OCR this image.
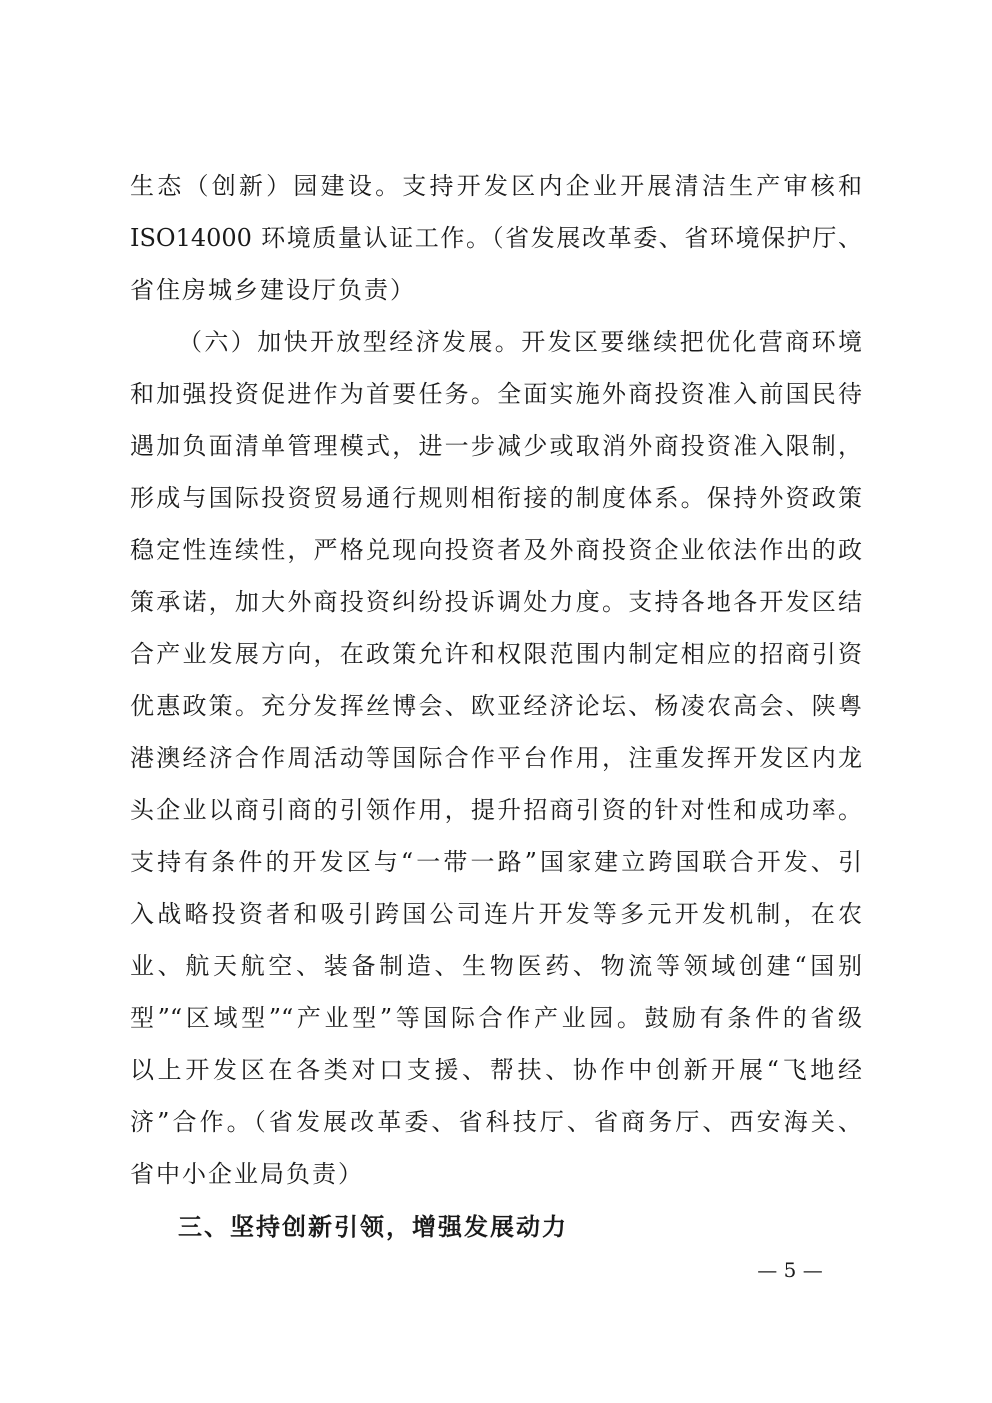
生态（创新）园建设。支持开发区内企业开展清洁生产审核和
ISO14000 环境质量认证工作。（省发展改革委、省环境保护厅、
省住房城乡建设厅负责）
（六）加快开放型经济发展。开发区要继续把优化营商环境
和加强投资促进作为首要任务。全面实施外商投资准入前国民待
遇加负面清单管理模式，进一步减少或取消外商投资准入限制，
形成与国际投资贸易通行规则相衔接的制度体系。保持外资政策
稳定性连续性，严格兑现向投资者及外商投资企业依法作出的政
策承诺，加大外商投资纠纷投诉调处力度。支持各地各开发区结
合产业发展方向，在政策允许和权限范围内制定相应的招商引资
优惠政策。充分发挥丝博会、欧亚经济论坛、杨凌农高会、陕粤
港澳经济合作周活动等国际合作平台作用，注重发挥开发区内龙
头企业以商引商的引领作用，提升招商引资的针对性和成功率。
支持有条件的开发区与“一带一路”国家建立跨国联合开发、引
入战略投资者和吸引跨国公司连片开发等多元开发机制，在农
业、航天航空、装备制造、生物医药、物流等领域创建“国别
型”“区域型”“产业型”等国际合作产业园。鼓励有条件的省级
以上开发区在各类对口支援、帮扶、协作中创新开展“飞地经
济”合作。（省发展改革委、省科技厅、省商务厅、西安海关、
省中小企业局负责）
三、坚持创新引领，增强发展动力
— 5 —
